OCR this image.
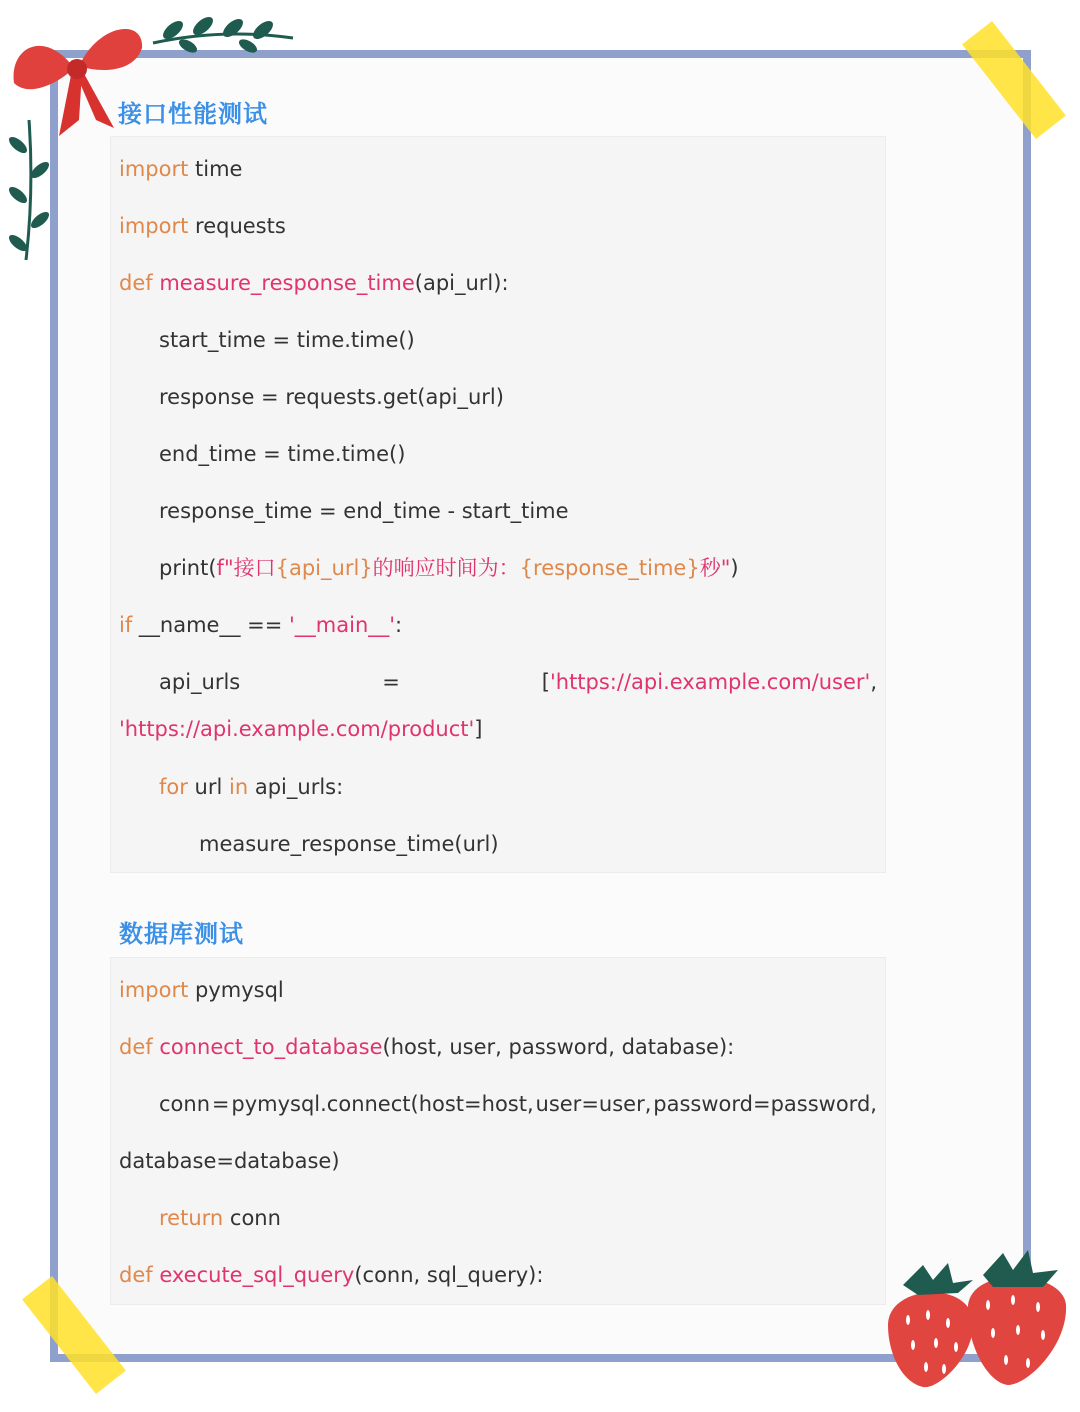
接口性能测试
import time
import requests
def measure_response_time(api_url):
start_time = time.time()
response = requests.get(api_url)
end_time = time.time()
response_time = end_time - start_time
print(f"接口{api_url}的响应时间为：{response_time}秒")
if __name__ == '__main__':
api_urls	=	['https://api.example.com/user',
'https://api.example.com/product']
for url in api_urls:
measure_response_time(url)
数据库测试
import pymysql
def connect_to_database(host, user, password, database):
conn = pymysql.connect(host=host, user=user, password=password,
database=database)
return conn
def execute_sql_query(conn, sql_query):
